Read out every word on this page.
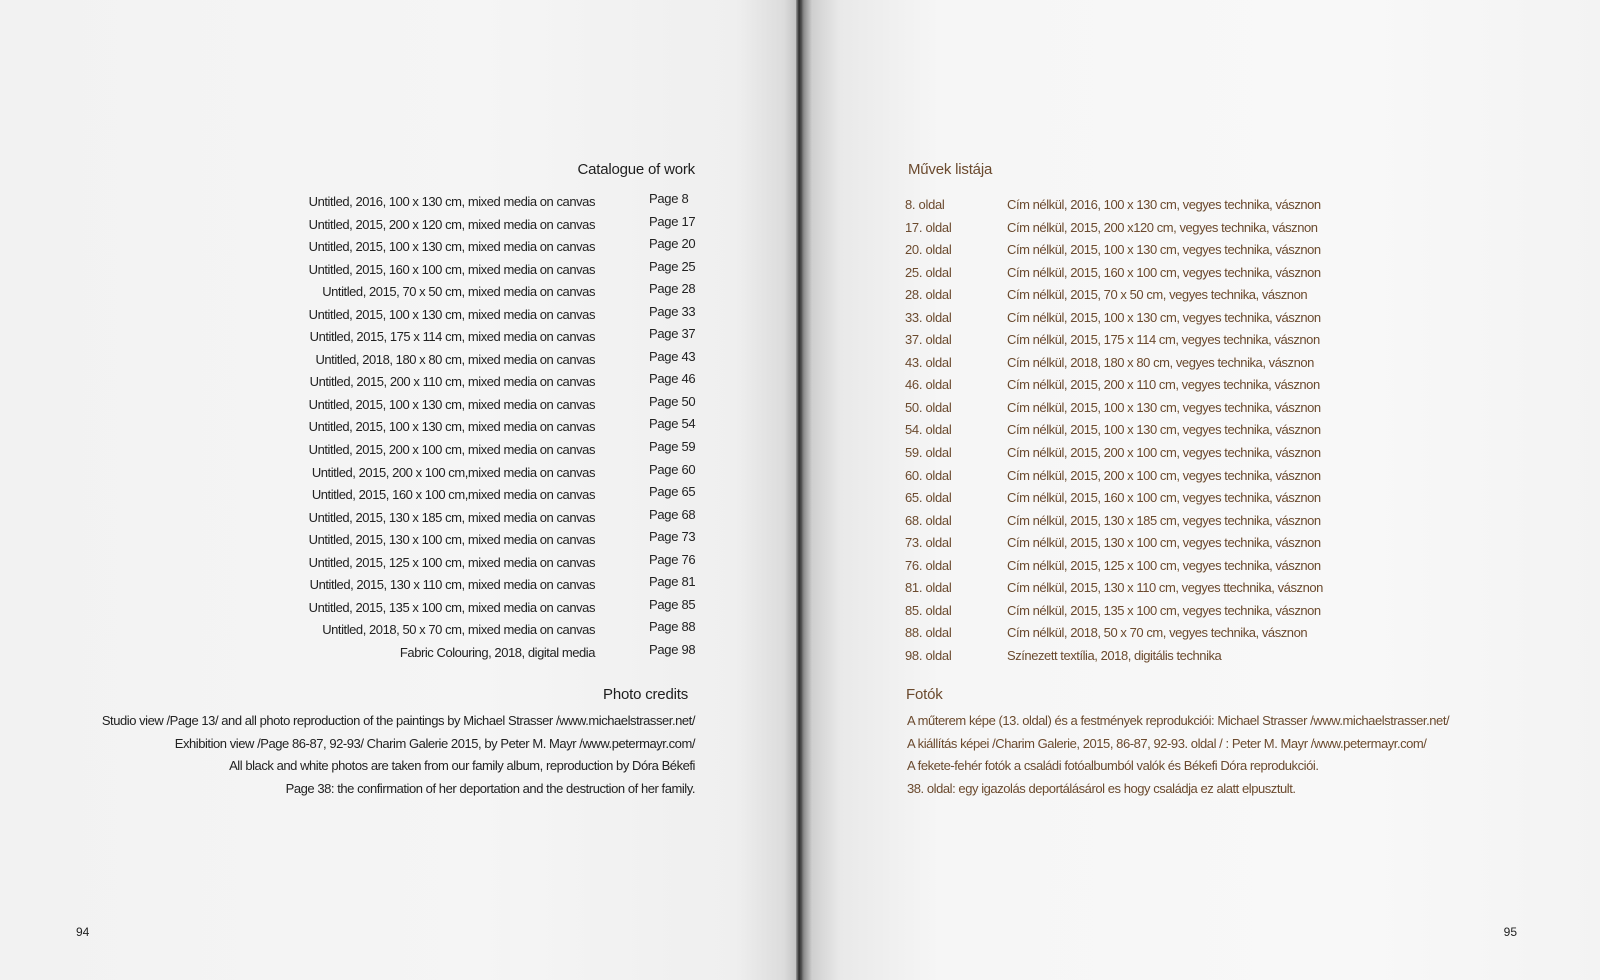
Catalogue of work
Untitled, 2016, 100 x 130 cm, mixed media on canvas	Page 8
Untitled, 2015, 200 x 120 cm, mixed media on canvas	Page 17
Untitled, 2015, 100 x 130 cm, mixed media on canvas	Page 20
Untitled, 2015, 160 x 100 cm, mixed media on canvas	Page 25
Untitled, 2015, 70 x 50 cm, mixed media on canvas	Page 28
Untitled, 2015, 100 x 130 cm, mixed media on canvas	Page 33
Untitled, 2015, 175 x 114 cm, mixed media on canvas	Page 37
Untitled, 2018, 180 x 80 cm, mixed media on canvas	Page 43
Untitled, 2015, 200 x 110 cm, mixed media on canvas	Page 46
Untitled, 2015, 100 x 130 cm, mixed media on canvas	Page 50
Untitled, 2015, 100 x 130 cm, mixed media on canvas	Page 54
Untitled, 2015, 200 x 100 cm, mixed media on canvas	Page 59
Untitled, 2015, 200 x 100 cm,mixed media on canvas	Page 60
Untitled, 2015, 160 x 100 cm,mixed media on canvas	Page 65
Untitled, 2015, 130 x 185 cm, mixed media on canvas	Page 68
Untitled, 2015, 130 x 100 cm, mixed media on canvas	Page 73
Untitled, 2015, 125 x 100 cm, mixed media on canvas	Page 76
Untitled, 2015, 130 x 110 cm, mixed media on canvas	Page 81
Untitled, 2015, 135 x 100 cm, mixed media on canvas	Page 85
Untitled, 2018, 50 x 70 cm, mixed media on canvas	Page 88
Fabric Colouring, 2018, digital media	Page 98
Photo credits
Studio view /Page 13/ and all photo reproduction of the paintings by Michael Strasser /www.michaelstrasser.net/
Exhibition view /Page 86-87, 92-93/ Charim Galerie 2015, by Peter M. Mayr /www.petermayr.com/
All black and white photos are taken from our family album, reproduction by Dóra Békefi
Page 38: the confirmation of her deportation and the destruction of her family.
94
Művek listája
8. oldal	Cím nélkül, 2016, 100 x 130 cm, vegyes technika, vásznon
17. oldal	Cím nélkül, 2015, 200 x120 cm, vegyes technika, vásznon
20. oldal	Cím nélkül, 2015, 100 x 130 cm, vegyes technika, vásznon
25. oldal	Cím nélkül, 2015, 160 x 100 cm, vegyes technika, vásznon
28. oldal	Cím nélkül, 2015, 70 x 50 cm, vegyes technika, vásznon
33. oldal	Cím nélkül, 2015, 100 x 130 cm, vegyes technika, vásznon
37. oldal	Cím nélkül, 2015, 175 x 114 cm, vegyes technika, vásznon
43. oldal	Cím nélkül, 2018, 180 x 80 cm, vegyes technika, vásznon
46. oldal	Cím nélkül, 2015, 200 x 110 cm, vegyes technika, vásznon
50. oldal	Cím nélkül, 2015, 100 x 130 cm, vegyes technika, vásznon
54. oldal	Cím nélkül, 2015, 100 x 130 cm, vegyes technika, vásznon
59. oldal	Cím nélkül, 2015, 200 x 100 cm, vegyes technika, vásznon
60. oldal	Cím nélkül, 2015, 200 x 100 cm, vegyes technika, vásznon
65. oldal	Cím nélkül, 2015, 160 x 100 cm, vegyes technika, vásznon
68. oldal	Cím nélkül, 2015, 130 x 185 cm, vegyes technika, vásznon
73. oldal	Cím nélkül, 2015, 130 x 100 cm, vegyes technika, vásznon
76. oldal	Cím nélkül, 2015, 125 x 100 cm, vegyes technika, vásznon
81. oldal	Cím nélkül, 2015, 130 x 110 cm, vegyes ttechnika, vásznon
85. oldal	Cím nélkül, 2015, 135 x 100 cm, vegyes technika, vásznon
88. oldal	Cím nélkül, 2018, 50 x 70 cm, vegyes technika, vásznon
98. oldal	Színezett textília, 2018, digitális technika
Fotók
A műterem képe (13. oldal) és a festmények reprodukciói: Michael Strasser /www.michaelstrasser.net/
A kiállítás képei /Charim Galerie, 2015, 86-87, 92-93. oldal / : Peter M. Mayr /www.petermayr.com/
A fekete-fehér fotók a családi fotóalbumból valók és Békefi Dóra reprodukciói.
38. oldal: egy igazolás deportálásárol es hogy családja ez alatt elpusztult.
95
